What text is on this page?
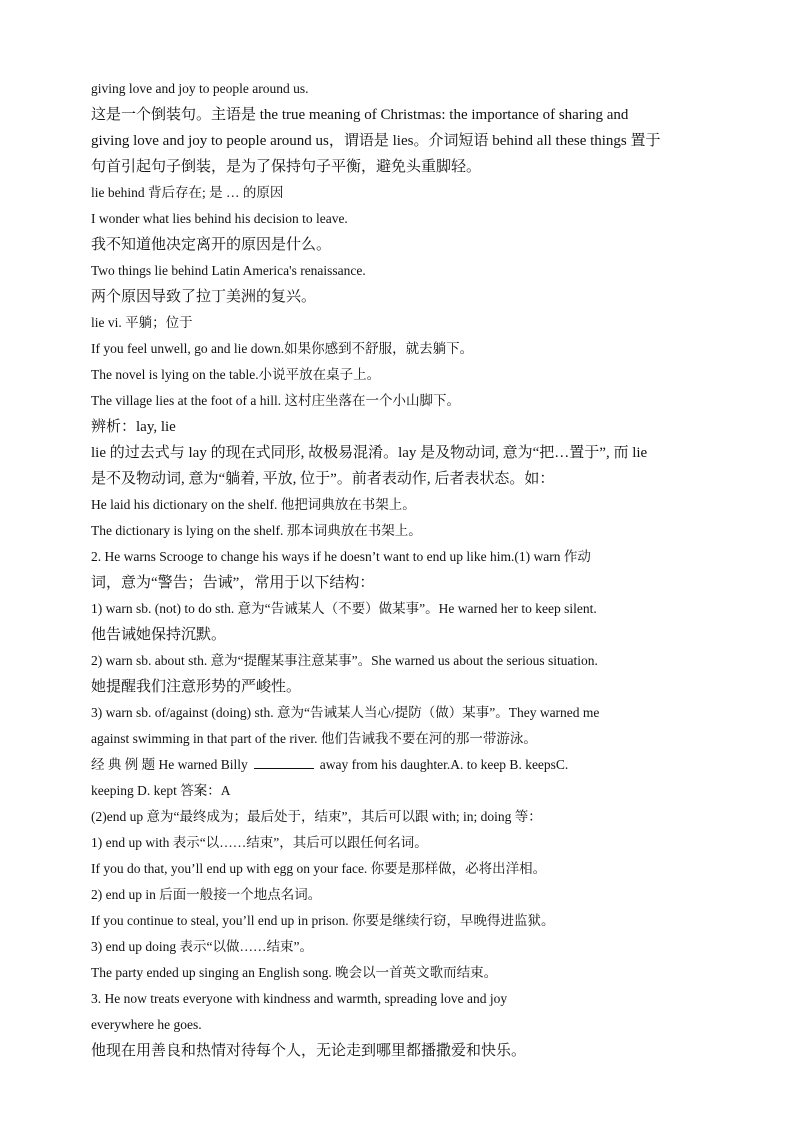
giving love and joy to people around us.
这是一个倒装句。主语是 the true meaning of Christmas: the importance of sharing and
giving love and joy to people around us，谓语是 lies。介词短语 behind all these things 置于
句首引起句子倒装，是为了保持句子平衡，避免头重脚轻。
lie behind 背后存在; 是 … 的原因
I wonder what lies behind his decision to leave.
我不知道他决定离开的原因是什么。
Two things lie behind Latin America's renaissance.
两个原因导致了拉丁美洲的复兴。
lie vi. 平躺；位于
If you feel unwell, go and lie down.如果你感到不舒服，就去躺下。
The novel is lying on the table.小说平放在桌子上。
The village lies at the foot of a hill. 这村庄坐落在一个小山脚下。
辨析：lay, lie
lie 的过去式与 lay 的现在式同形, 故极易混淆。lay 是及物动词, 意为“把…置于”, 而 lie
是不及物动词, 意为“躺着, 平放, 位于”。前者表动作, 后者表状态。如：
He laid his dictionary on the shelf. 他把词典放在书架上。
The dictionary is lying on the shelf. 那本词典放在书架上。
2. He warns Scrooge to change his ways if he doesn’t want to end up like him.(1) warn 作动
词，意为“警告；告诫”，常用于以下结构：
1) warn sb. (not) to do sth. 意为“告诫某人（不要）做某事”。He warned her to keep silent.
他告诫她保持沉默。
2) warn sb. about sth. 意为“提醒某事注意某事”。She warned us about the serious situation.
她提醒我们注意形势的严峻性。
3) warn sb. of/against (doing) sth. 意为“告诫某人当心/提防（做）某事”。They warned me
against swimming in that part of the river. 他们告诫我不要在河的那一带游泳。
经 典 例 题 He warned Billy	away from his daughter.A. to keep B. keepsC.
keeping D. kept 答案：A
(2)end up 意为“最终成为；最后处于，结束”，其后可以跟 with; in; doing 等：
1) end up with 表示“以……结束”，其后可以跟任何名词。
If you do that, you’ll end up with egg on your face. 你要是那样做，必将出洋相。
2) end up in 后面一般接一个地点名词。
If you continue to steal, you’ll end up in prison. 你要是继续行窃，早晚得进监狱。
3) end up doing 表示“以做……结束”。
The party ended up singing an English song. 晚会以一首英文歌而结束。
3. He now treats everyone with kindness and warmth, spreading love and joy
everywhere he goes.
他现在用善良和热情对待每个人，无论走到哪里都播撒爱和快乐。
